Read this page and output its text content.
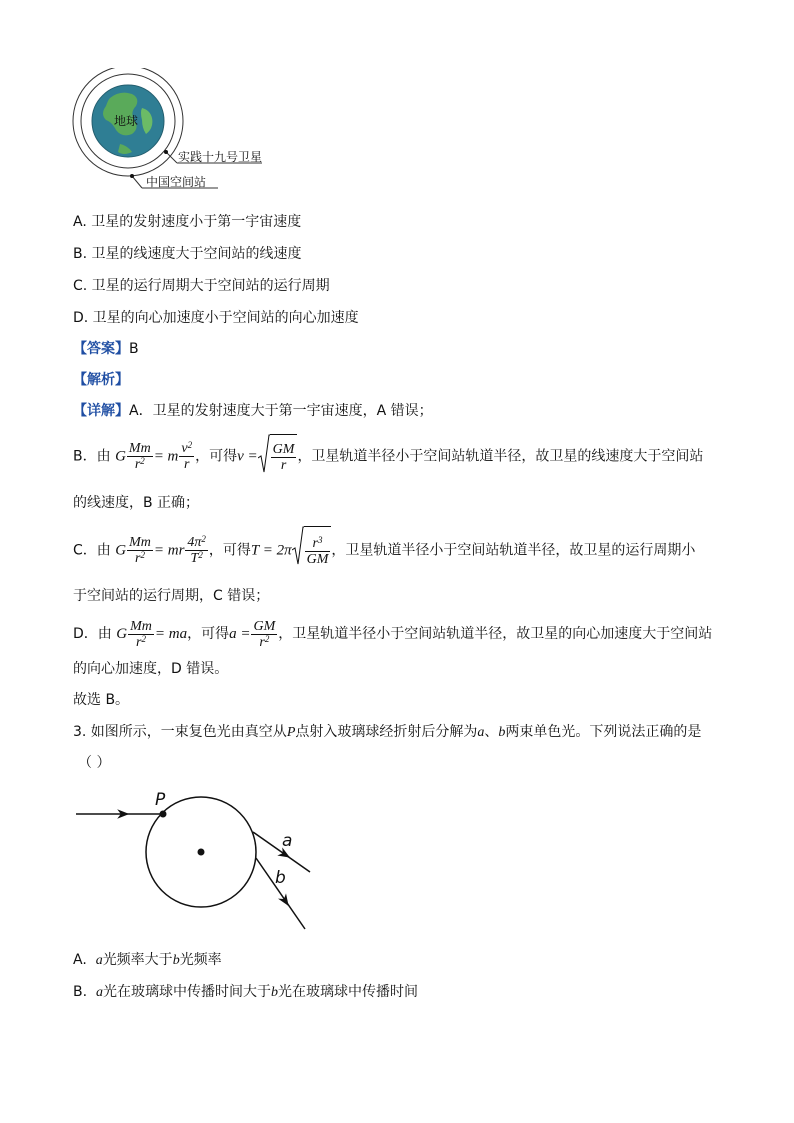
地球
实践十九号卫星
中国空间站
A. 卫星的发射速度小于第一宇宙速度
B. 卫星的线速度大于空间站的线速度
C. 卫星的运行周期大于空间站的运行周期
D. 卫星的向心加速度小于空间站的向心加速度
【答案】B
【解析】
【详解】A．卫星的发射速度大于第一宇宙速度，A 错误；
B．由 G $\frac{Mm}{r^2} = m \frac{v^2}{r}$ ，可得$v = \frac{GM}{r}$ ，卫星轨道半径小于空间站轨道半径，故卫星的线速度大于空间站
的线速度，B 正确；
C．由 G $\frac{Mm}{r^2}$ = mr $\frac{4\pi^2}{T^2}$ ，可得$T = 2\pi \frac{r^3}{GM}$ ，卫星轨道半径小于空间站轨道半径，故卫星的运行周期小
于空间站的运行周期，C 错误；
D．由 G $\frac{Mm}{r^2}$ = ma，可得$a = \frac{GM}{r^2}$ ，卫星轨道半径小于空间站轨道半径，故卫星的向心加速度大于空间站
的向心加速度，D 错误。
故选 B。
3. 如图所示，一束复色光由真空从P点射入玻璃球经折射后分解为a、b两束单色光。下列说法正确的是
（ ）
P
a
b
A. a光频率大于b光频率
B. a光在玻璃球中传播时间大于b光在玻璃球中传播时间
